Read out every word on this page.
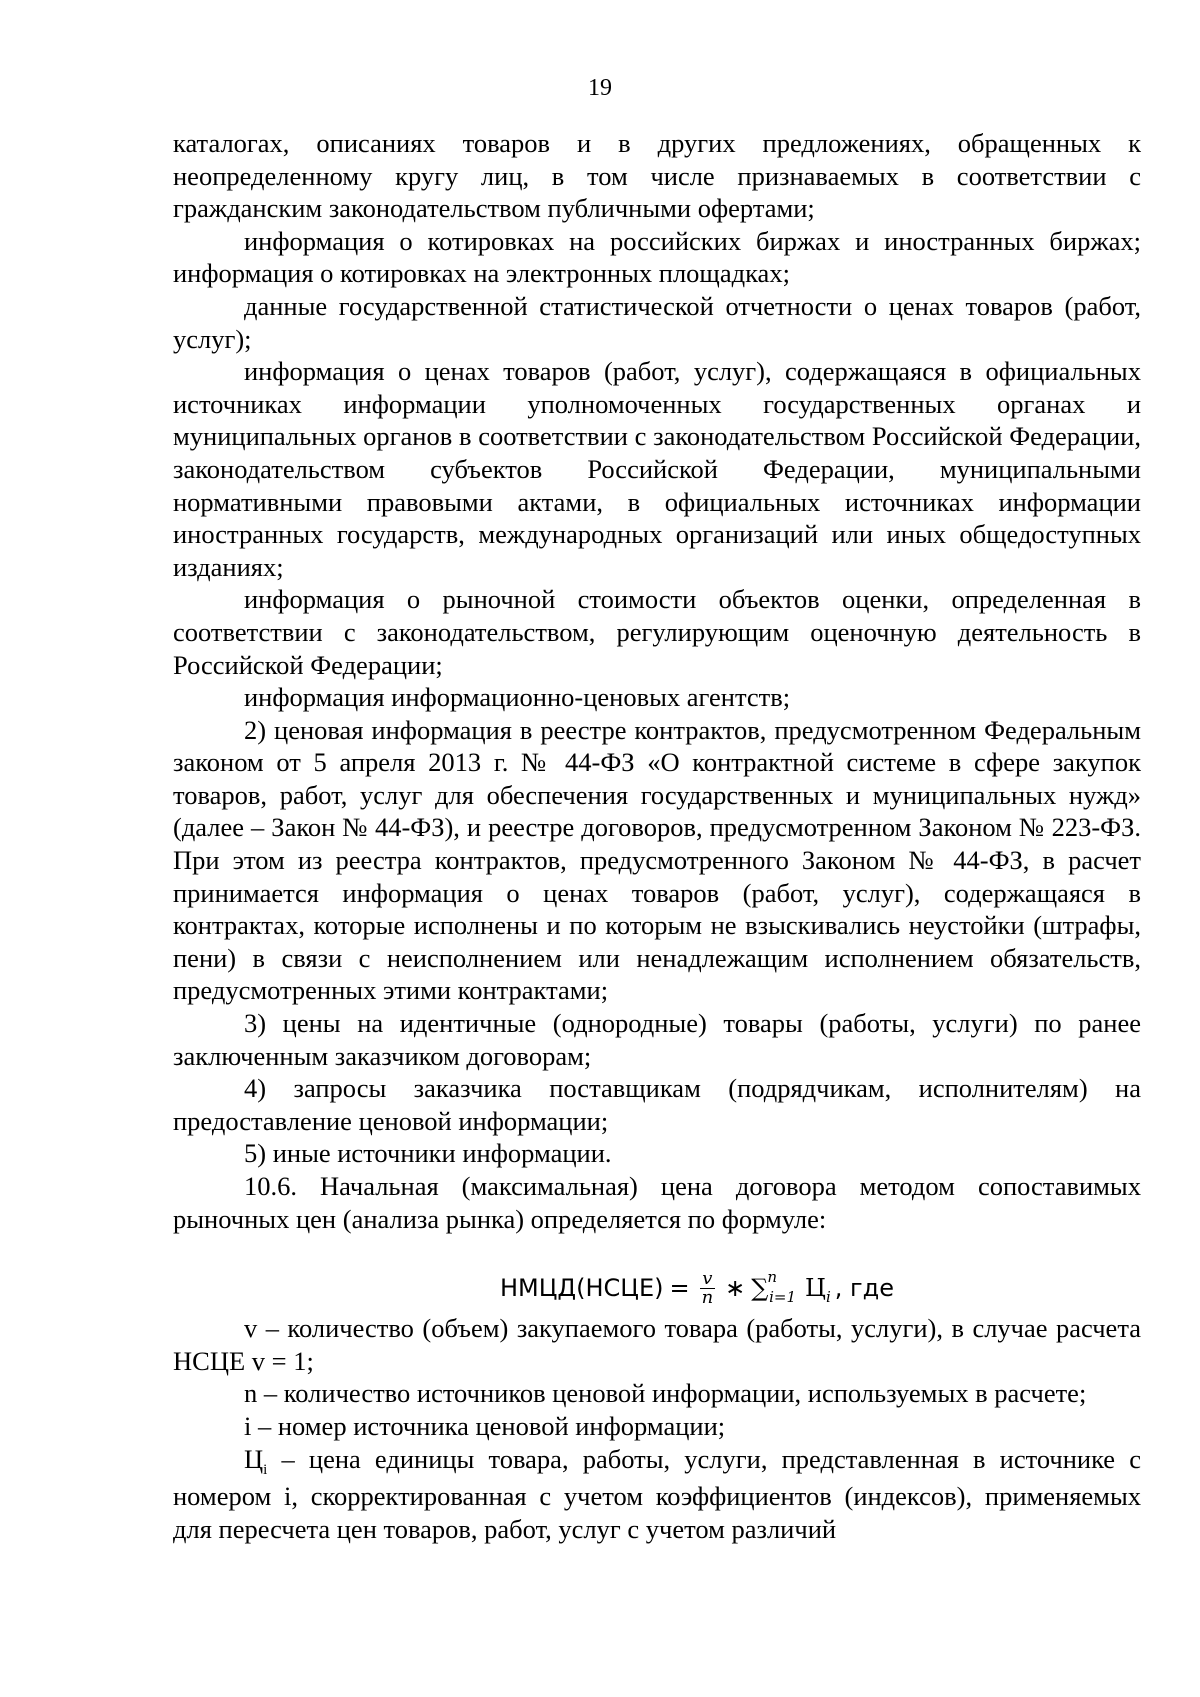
19

каталогах, описаниях товаров и в других предложениях, обращенных к неопределенному кругу лиц, в том числе признаваемых в соответствии с гражданским законодательством публичными офертами;

информация о котировках на российских биржах и иностранных биржах; информация о котировках на электронных площадках;

данные государственной статистической отчетности о ценах товаров (работ, услуг);

информация о ценах товаров (работ, услуг), содержащаяся в официальных источниках информации уполномоченных государственных органах и муниципальных органов в соответствии с законодательством Российской Федерации, законодательством субъектов Российской Федерации, муниципальными нормативными правовыми актами, в официальных источниках информации иностранных государств, международных организаций или иных общедоступных изданиях;

информация о рыночной стоимости объектов оценки, определенная в соответствии с законодательством, регулирующим оценочную деятельность в Российской Федерации;

информация информационно-ценовых агентств;

2) ценовая информация в реестре контрактов, предусмотренном Федеральным законом от 5 апреля 2013 г. № 44-ФЗ «О контрактной системе в сфере закупок товаров, работ, услуг для обеспечения государственных и муниципальных нужд» (далее – Закон № 44-ФЗ), и реестре договоров, предусмотренном Законом № 223-ФЗ. При этом из реестра контрактов, предусмотренного Законом № 44-ФЗ, в расчет принимается информация о ценах товаров (работ, услуг), содержащаяся в контрактах, которые исполнены и по которым не взыскивались неустойки (штрафы, пени) в связи с неисполнением или ненадлежащим исполнением обязательств, предусмотренных этими контрактами;

3) цены на идентичные (однородные) товары (работы, услуги) по ранее заключенным заказчиком договорам;

4) запросы заказчика поставщикам (подрядчикам, исполнителям) на предоставление ценовой информации;

5) иные источники информации.

10.6. Начальная (максимальная) цена договора методом сопоставимых рыночных цен (анализа рынка) определяется по формуле:

НМЦД(НСЦЕ) = $\frac{v}{n}$ ∗ ∑$^n_{i=1}$ $Ц_i$ , где

v – количество (объем) закупаемого товара (работы, услуги), в случае расчета НСЦЕ v = 1;

n – количество источников ценовой информации, используемых в расчете;

i – номер источника ценовой информации;

$Ц_i$ – цена единицы товара, работы, услуги, представленная в источнике с номером i, скорректированная с учетом коэффициентов (индексов), применяемых для пересчета цен товаров, работ, услуг с учетом различий
